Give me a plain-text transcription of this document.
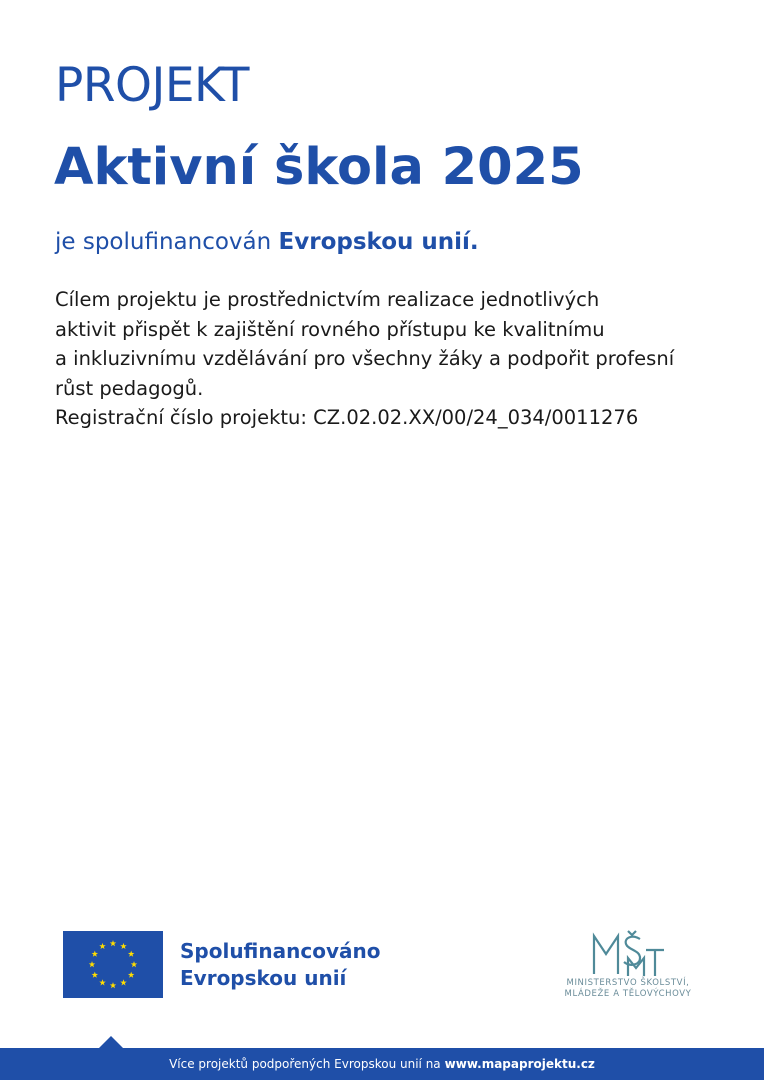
PROJEKT
Aktivní škola 2025
je spolufinancován Evropskou unií.

Cílem projektu je prostřednictvím realizace jednotlivých

aktivit přispět k zajištění rovného přístupu ke kvalitnímu

a inkluzivnímu vzdělávání pro všechny žáky a podpořit profesní

růst pedagogů.

Registrační číslo projektu: CZ.02.02.XX/00/24_034/0011276

Spolufinancováno
Evropskou unií	MINISTERSTVO ŠKOLSTVÍ,
MLÁDEŽE A TĚLOVÝCHOVY
Více projektů podpořených Evropskou unií na www.mapaprojektu.cz
